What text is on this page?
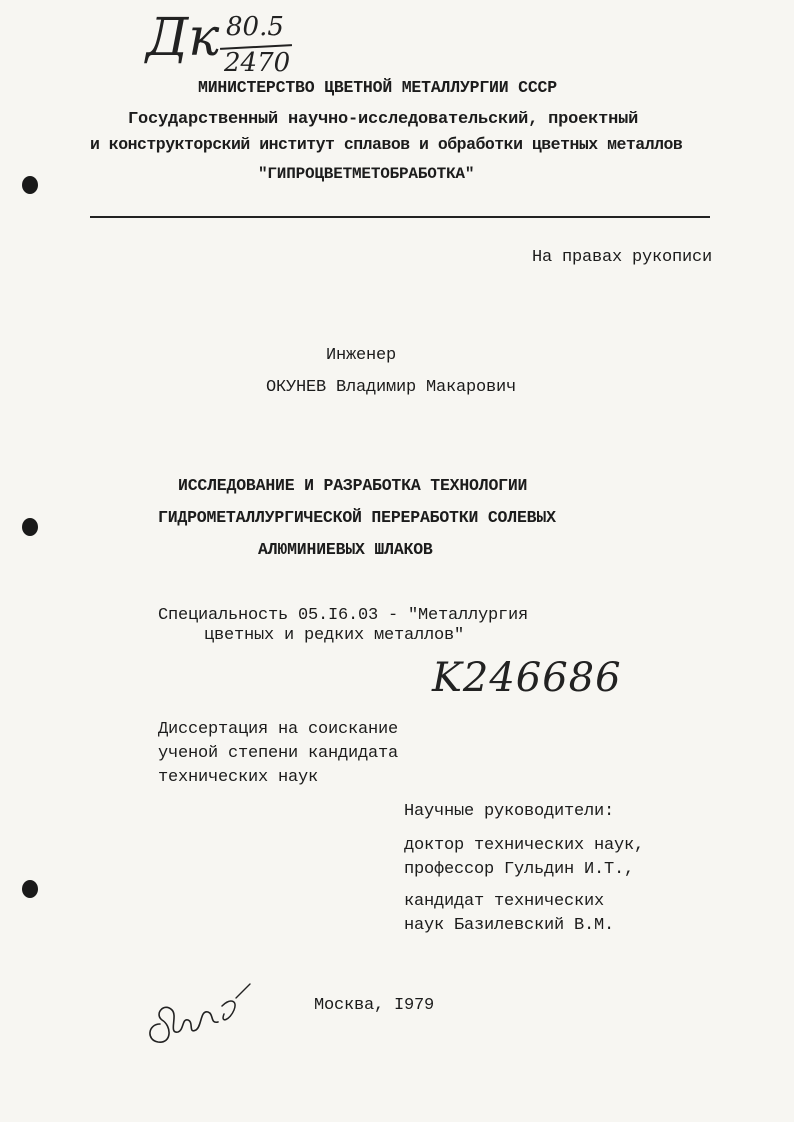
Дк 80.5
2470
МИНИСТЕРСТВО ЦВЕТНОЙ МЕТАЛЛУРГИИ СССР
Государственный научно-исследовательский, проектный
и конструкторский институт сплавов и обработки цветных металлов
"ГИПРОЦВЕТМЕТОБРАБОТКА"
На правах рукописи
Инженер
ОКУНЕВ Владимир Макарович
ИССЛЕДОВАНИЕ И РАЗРАБОТКА ТЕХНОЛОГИИ
ГИДРОМЕТАЛЛУРГИЧЕСКОЙ ПЕРЕРАБОТКИ СОЛЕВЫХ
АЛЮМИНИЕВЫХ ШЛАКОВ
Специальность 05.I6.03 - "Металлургия
цветных и редких металлов"
K246686
Диссертация на соискание
ученой степени кандидата
технических наук
Научные руководители:
доктор технических наук,
профессор Гульдин И.Т.,
кандидат технических
наук Базилевский В.М.
Москва, I979
